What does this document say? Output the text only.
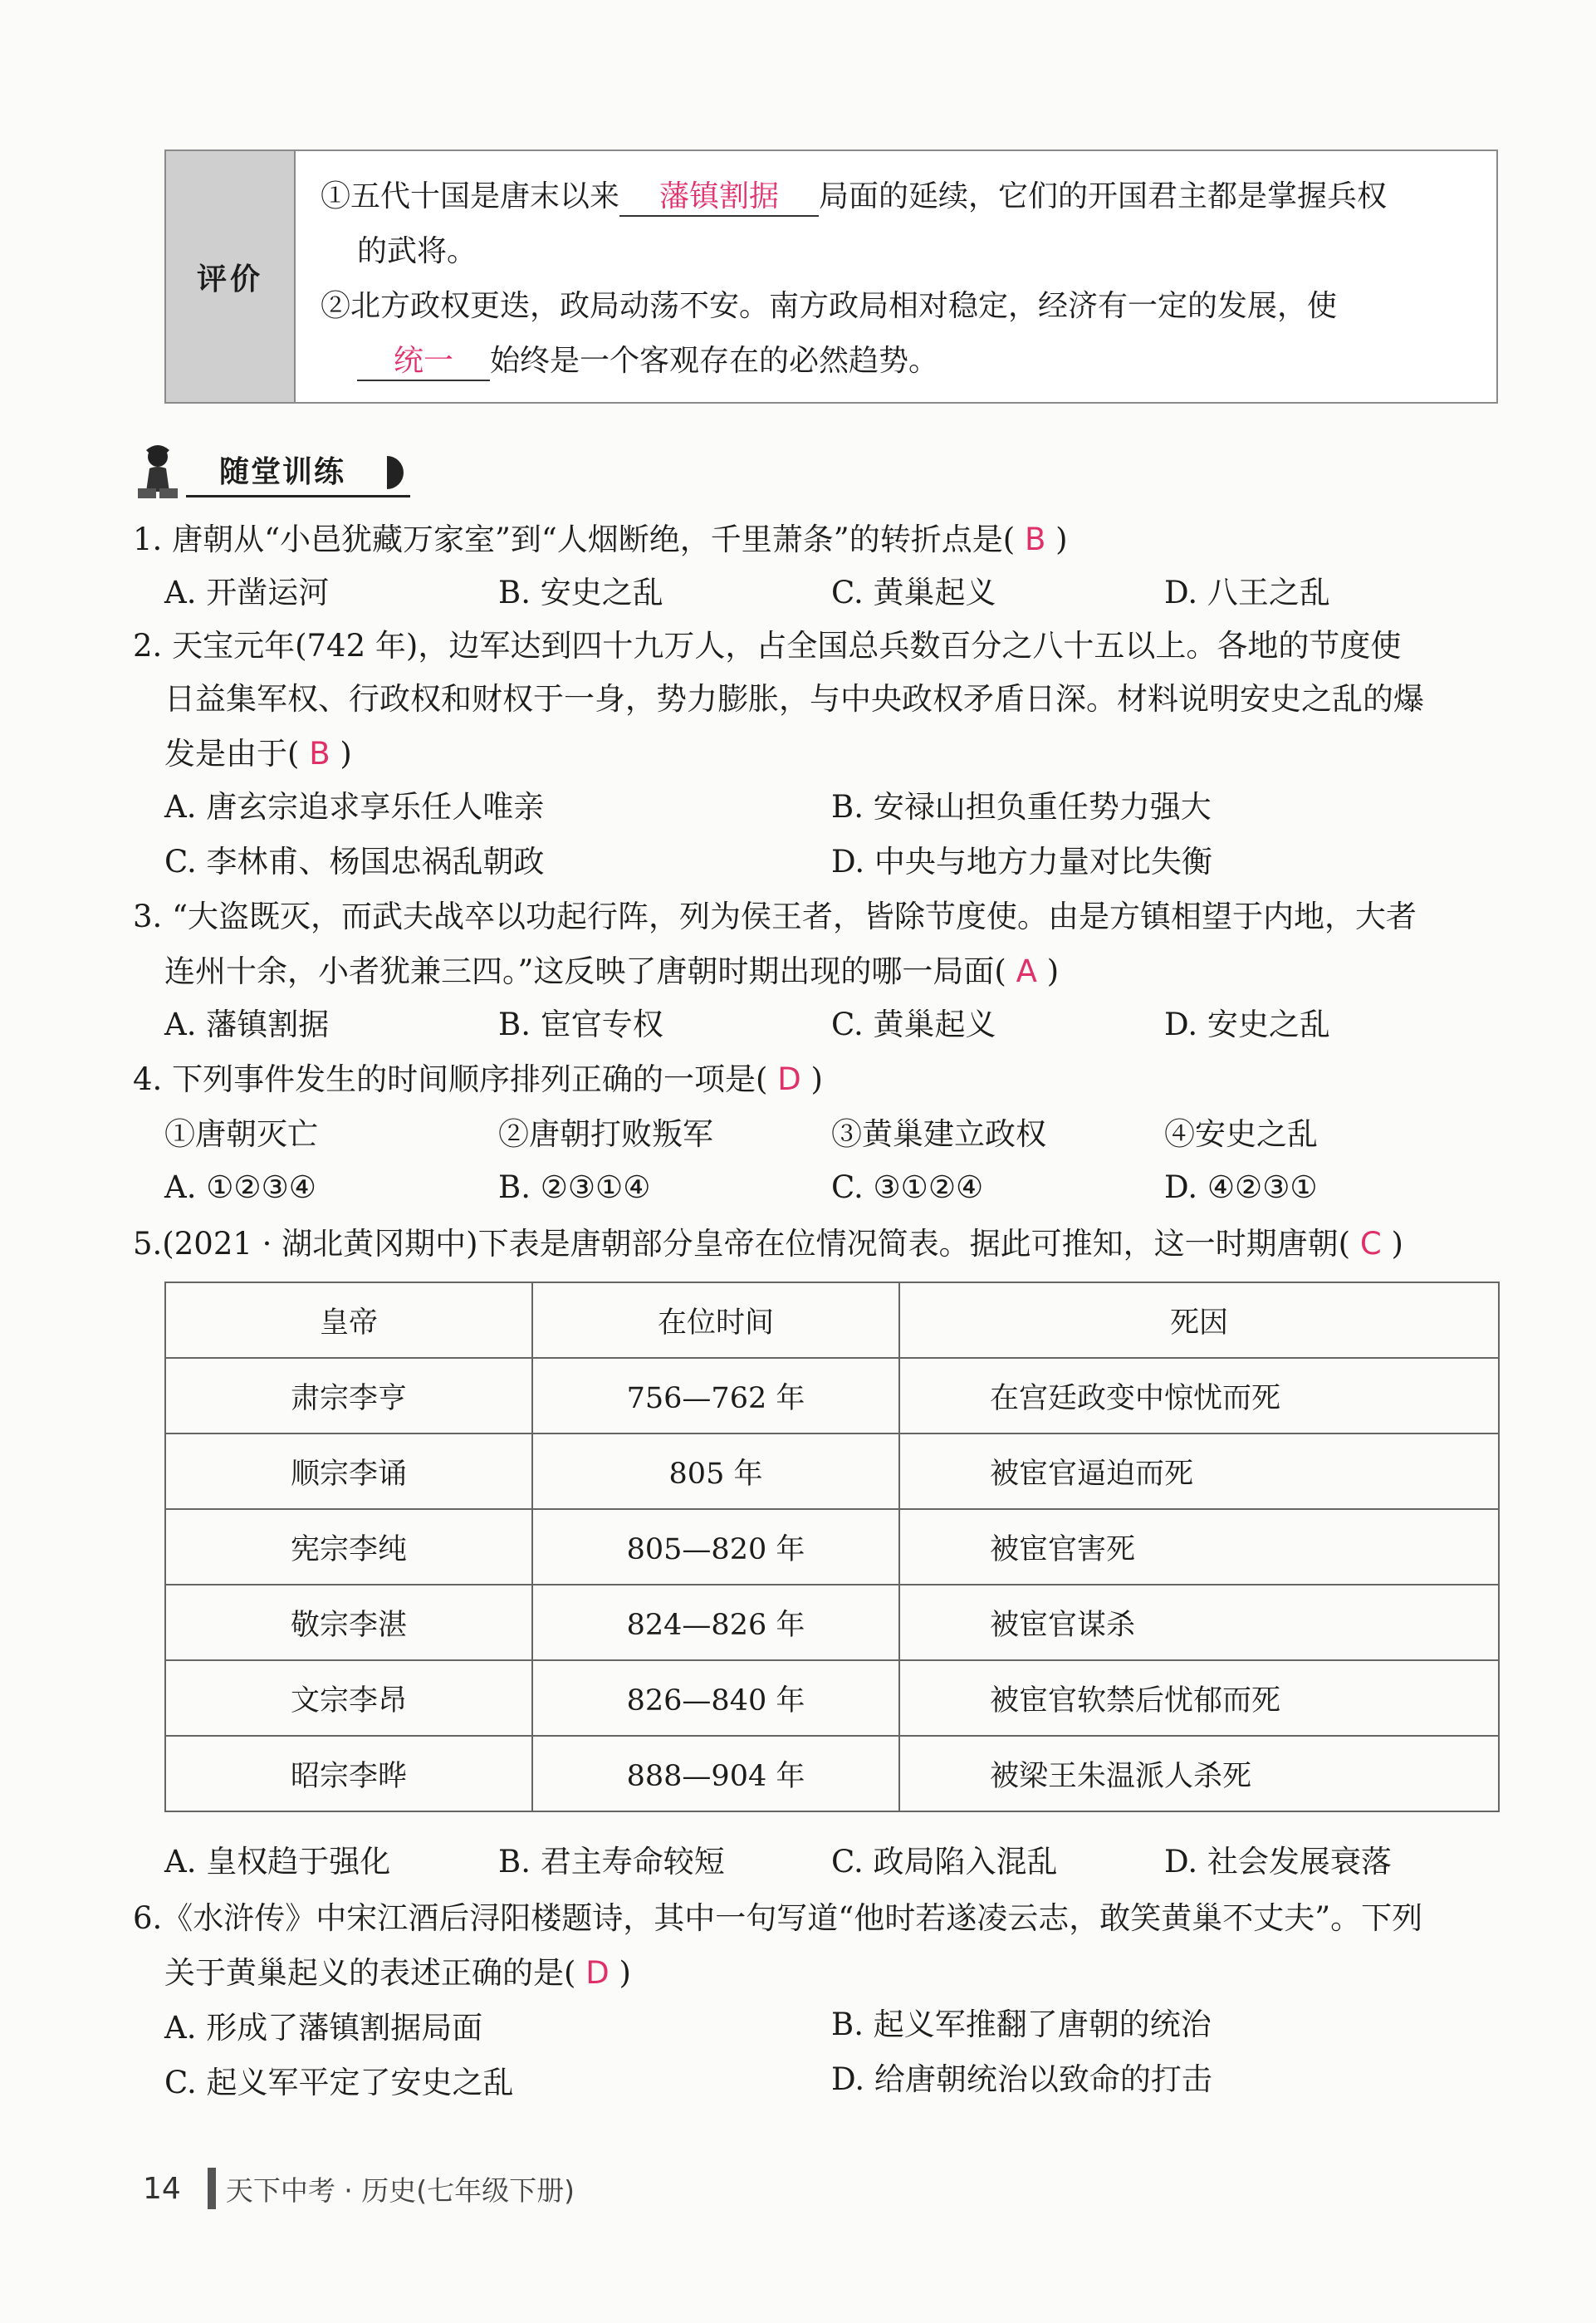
评价
①五代十国是唐末以来 藩镇割据 局面的延续，它们的开国君主都是掌握兵权
的武将。
②北方政权更迭，政局动荡不安。南方政局相对稳定，经济有一定的发展，使
统一 始终是一个客观存在的必然趋势。
随堂训练
1. 唐朝从“小邑犹藏万家室”到“人烟断绝，千里萧条”的转折点是( B )
A. 开凿运河	B. 安史之乱	C. 黄巢起义	D. 八王之乱
2. 天宝元年(742 年)，边军达到四十九万人，占全国总兵数百分之八十五以上。各地的节度使
日益集军权、行政权和财权于一身，势力膨胀，与中央政权矛盾日深。材料说明安史之乱的爆
发是由于( B )
A. 唐玄宗追求享乐任人唯亲	B. 安禄山担负重任势力强大
C. 李林甫、杨国忠祸乱朝政	D. 中央与地方力量对比失衡
3. “大盗既灭，而武夫战卒以功起行阵，列为侯王者，皆除节度使。由是方镇相望于内地，大者
连州十余，小者犹兼三四。”这反映了唐朝时期出现的哪一局面( A )
A. 藩镇割据	B. 宦官专权	C. 黄巢起义	D. 安史之乱
4. 下列事件发生的时间顺序排列正确的一项是( D )
①唐朝灭亡	②唐朝打败叛军	③黄巢建立政权	④安史之乱
A. ①②③④	B. ②③①④	C. ③①②④	D. ④②③①
5.(2021 · 湖北黄冈期中)下表是唐朝部分皇帝在位情况简表。据此可推知，这一时期唐朝( C )
皇帝	在位时间	死因
肃宗李亨	756—762 年	在宫廷政变中惊忧而死
顺宗李诵	805 年	被宦官逼迫而死
宪宗李纯	805—820 年	被宦官害死
敬宗李湛	824—826 年	被宦官谋杀
文宗李昂	826—840 年	被宦官软禁后忧郁而死
昭宗李晔	888—904 年	被梁王朱温派人杀死
A. 皇权趋于强化	B. 君主寿命较短	C. 政局陷入混乱	D. 社会发展衰落
6.《水浒传》中宋江酒后浔阳楼题诗，其中一句写道“他时若遂凌云志，敢笑黄巢不丈夫”。下列
关于黄巢起义的表述正确的是( D )
A. 形成了藩镇割据局面	B. 起义军推翻了唐朝的统治
C. 起义军平定了安史之乱	D. 给唐朝统治以致命的打击
14 天下中考 · 历史(七年级下册)
